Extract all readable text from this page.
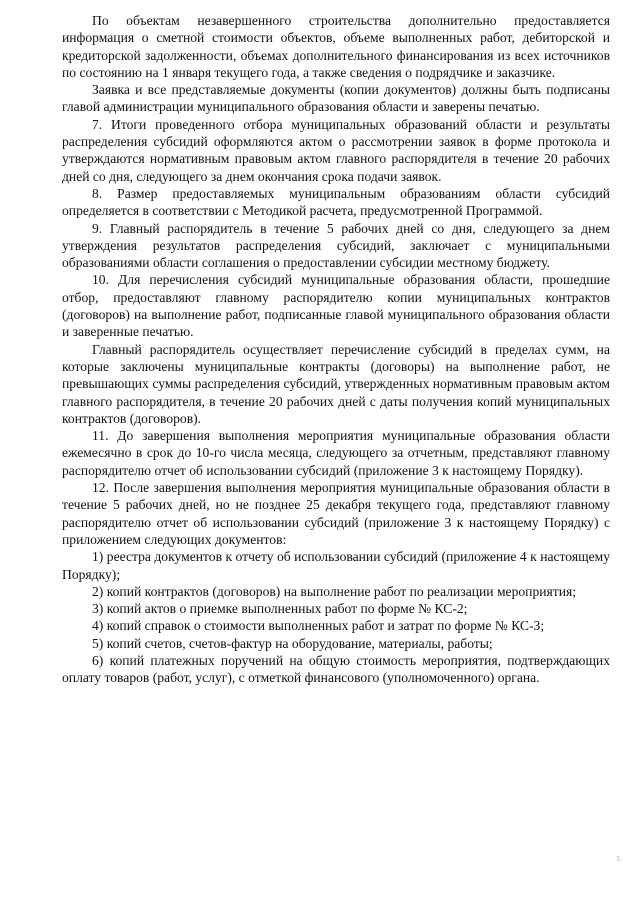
По объектам незавершенного строительства дополнительно предоставляется информация о сметной стоимости объектов, объеме выполненных работ, дебиторской и кредиторской задолженности, объемах дополнительного финансирования из всех источников по состоянию на 1 января текущего года, а также сведения о подрядчике и заказчике.

Заявка и все представляемые документы (копии документов) должны быть подписаны главой администрации муниципального образования области и заверены печатью.

7. Итоги проведенного отбора муниципальных образований области и результаты распределения субсидий оформляются актом о рассмотрении заявок в форме протокола и утверждаются нормативным правовым актом главного распорядителя в течение 20 рабочих дней со дня, следующего за днем окончания срока подачи заявок.

8. Размер предоставляемых муниципальным образованиям области субсидий определяется в соответствии с Методикой расчета, предусмотренной Программой.

9. Главный распорядитель в течение 5 рабочих дней со дня, следующего за днем утверждения результатов распределения субсидий, заключает с муниципальными образованиями области соглашения о предоставлении субсидии местному бюджету.

10. Для перечисления субсидий муниципальные образования области, прошедшие отбор, предоставляют главному распорядителю копии муниципальных контрактов (договоров) на выполнение работ, подписанные главой муниципального образования области и заверенные печатью.

Главный распорядитель осуществляет перечисление субсидий в пределах сумм, на которые заключены муниципальные контракты (договоры) на выполнение работ, не превышающих суммы распределения субсидий, утвержденных нормативным правовым актом главного распорядителя, в течение 20 рабочих дней с даты получения копий муниципальных контрактов (договоров).

11. До завершения выполнения мероприятия муниципальные образования области ежемесячно в срок до 10-го числа месяца, следующего за отчетным, представляют главному распорядителю отчет об использовании субсидий (приложение 3 к настоящему Порядку).

12. После завершения выполнения мероприятия муниципальные образования области в течение 5 рабочих дней, но не позднее 25 декабря текущего года, представляют главному распорядителю отчет об использовании субсидий (приложение 3 к настоящему Порядку) с приложением следующих документов:

1) реестра документов к отчету об использовании субсидий (приложение 4 к настоящему Порядку);

2) копий контрактов (договоров) на выполнение работ по реализации мероприятия;

3) копий актов о приемке выполненных работ по форме № КС-2;

4) копий справок о стоимости выполненных работ и затрат по форме № КС-3;

5) копий счетов, счетов-фактур на оборудование, материалы, работы;

6) копий платежных поручений на общую стоимость мероприятия, подтверждающих оплату товаров (работ, услуг), с отметкой финансового (уполномоченного) органа.

5
